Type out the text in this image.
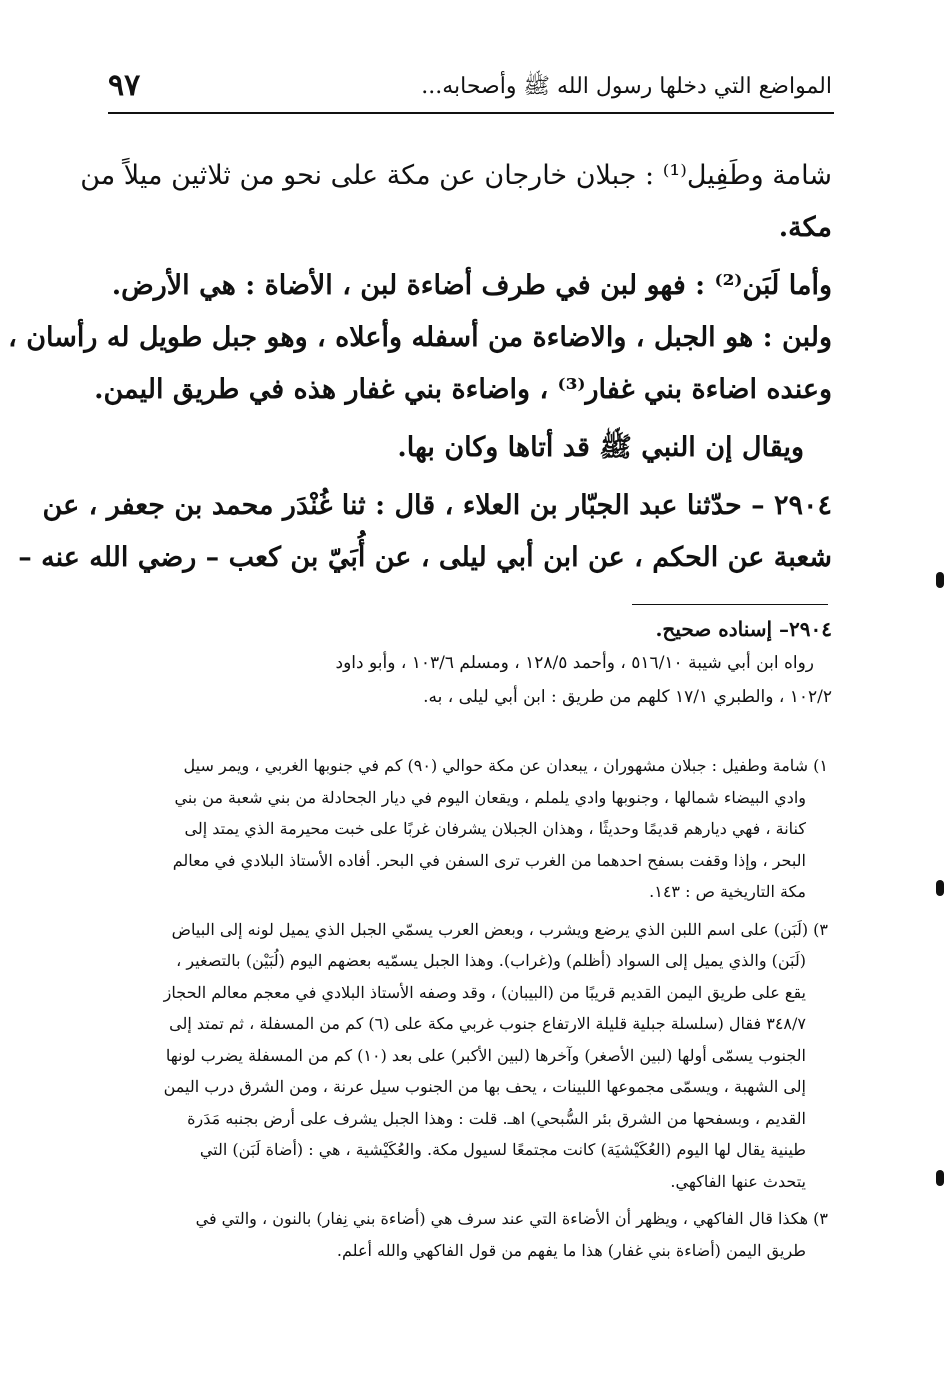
المواضع التي دخلها رسول الله ﷺ وأصحابه...
٩٧
شامة وطَفِيل⁽¹⁾ : جبلان خارجان عن مكة على نحو من ثلاثين ميلاً من
مكة.
وأما لَبَن⁽²⁾ : فهو لبن في طرف أضاءة لبن ، الأضاة : هي الأرض.
ولبن : هو الجبل ، والاضاءة من أسفله وأعلاه ، وهو جبل طويل له رأسان ،
وعنده اضاءة بني غفار⁽³⁾ ، واضاءة بني غفار هذه في طريق اليمن.
ويقال إن النبي ﷺ قد أتاها وكان بها.
٢٩٠٤ – حدّثنا عبد الجبّار بن العلاء ، قال : ثنا غُنْدَر محمد بن جعفر ، عن
شعبة عن الحكم ، عن ابن أبي ليلى ، عن أُبَيّ بن كعب – رضي الله عنه –
٢٩٠٤– إسناده صحيح.
رواه ابن أبي شيبة ٥١٦/١٠ ، وأحمد ١٢٨/٥ ، ومسلم ١٠٣/٦ ، وأبو داود
١٠٢/٢ ، والطبري ١٧/١ كلهم من طريق : ابن أبي ليلى ، به.
١) شامة وطفيل : جبلان مشهوران ، يبعدان عن مكة حوالي (٩٠) كم في جنوبها الغربي ، ويمر سيل
وادي البيضاء شمالها ، وجنوبها وادي يلملم ، ويقعان اليوم في ديار الجحادلة من بني شعبة من بني
كنانة ، فهي ديارهم قديمًا وحديثًا ، وهذان الجبلان يشرفان غربًا على خبت محيرمة الذي يمتد إلى
البحر ، وإذا وقفت بسفح احدهما من الغرب ترى السفن في البحر. أفاده الأستاذ البلادي في معالم
مكة التاريخية ص : ١٤٣.
٣) (لَبَن) على اسم اللبن الذي يرضع ويشرب ، وبعض العرب يسمّي الجبل الذي يميل لونه إلى البياض
(لَبَن) والذي يميل إلى السواد (أظلم) و(غراب). وهذا الجبل يسمّيه بعضهم اليوم (لُبَيْن) بالتصغير ،
يقع على طريق اليمن القديم قريبًا من (البيبان) ، وقد وصفه الأستاذ البلادي في معجم معالم الحجاز
٣٤٨/٧ فقال (سلسلة جبلية قليلة الارتفاع جنوب غربي مكة على (٦) كم من المسفلة ، ثم تمتد إلى
الجنوب يسمّى أولها (لبين الأصغر) وآخرها (لبين الأكبر) على بعد (١٠) كم من المسفلة يضرب لونها
إلى الشهبة ، ويسمّى مجموعها اللبينات ، يحف بها من الجنوب سيل عرنة ، ومن الشرق درب اليمن
القديم ، وبسفحها من الشرق بئر السُّبحي) اهـ. قلت : وهذا الجبل يشرف على أرض بجنبه مَدَرة
طينية يقال لها اليوم (العُكَيْشيَة) كانت مجتمعًا لسيول مكة. والعُكَيْشية ، هي : (أضاة لَبَن) التي
يتحدث عنها الفاكهي.
٣) هكذا قال الفاكهي ، ويظهر أن الأضاءة التي عند سرف هي (أضاءة بني نِفار) بالنون ، والتي في
طريق اليمن (أضاءة بني غفار) هذا ما يفهم من قول الفاكهي والله أعلم.
